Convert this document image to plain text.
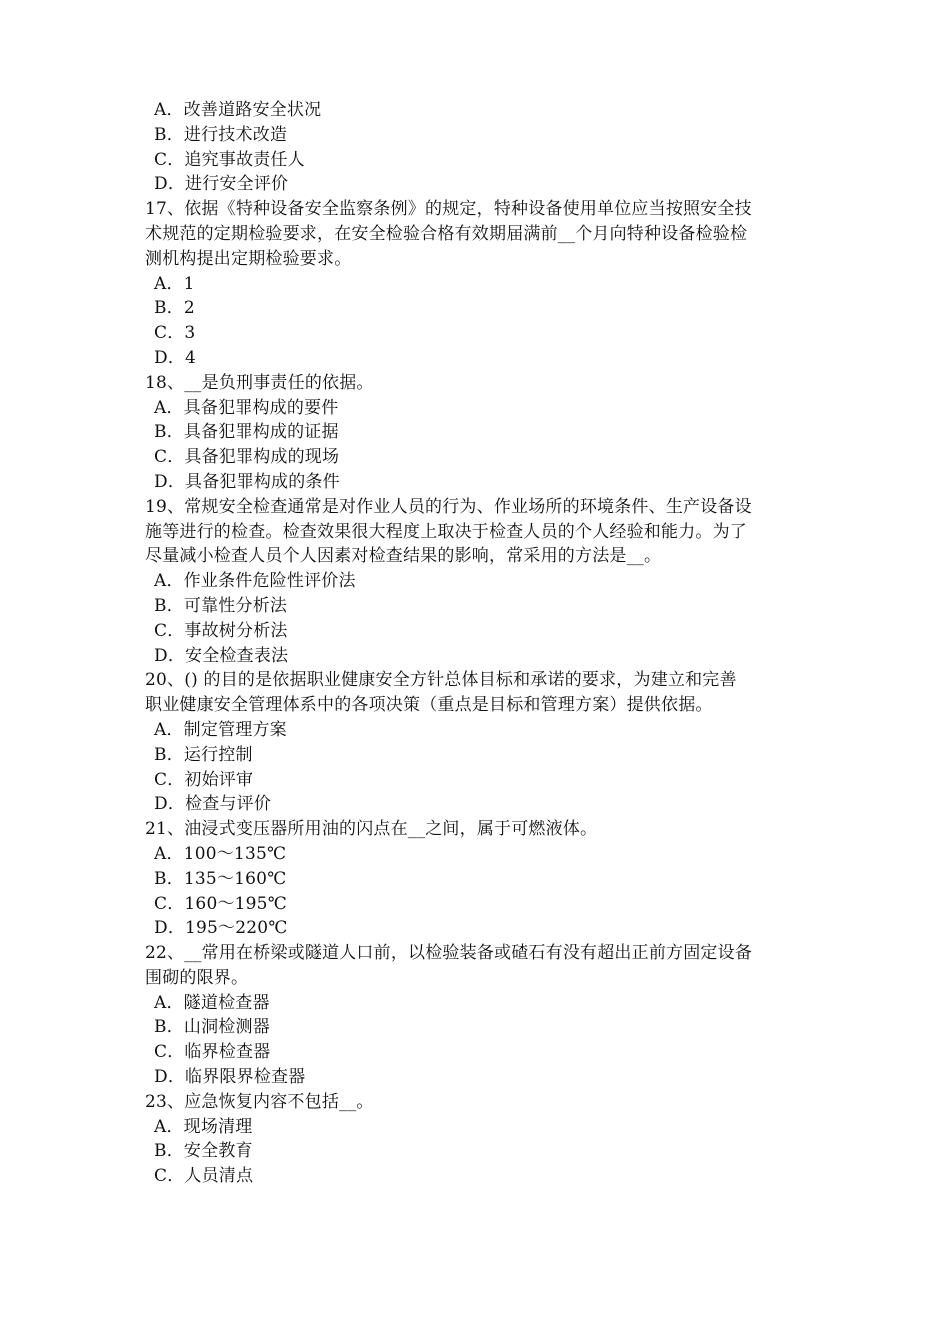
A．改善道路安全状况
B．进行技术改造
C．追究事故责任人
D．进行安全评价
17、依据《特种设备安全监察条例》的规定，特种设备使用单位应当按照安全技
术规范的定期检验要求，在安全检验合格有效期届满前__个月向特种设备检验检
测机构提出定期检验要求。
A．1
B．2
C．3
D．4
18、__是负刑事责任的依据。
A．具备犯罪构成的要件
B．具备犯罪构成的证据
C．具备犯罪构成的现场
D．具备犯罪构成的条件
19、常规安全检查通常是对作业人员的行为、作业场所的环境条件、生产设备设
施等进行的检查。检查效果很大程度上取决于检查人员的个人经验和能力。为了
尽量减小检查人员个人因素对检查结果的影响，常采用的方法是__。
A．作业条件危险性评价法
B．可靠性分析法
C．事故树分析法
D．安全检查表法
20、() 的目的是依据职业健康安全方针总体目标和承诺的要求，为建立和完善
职业健康安全管理体系中的各项决策（重点是目标和管理方案）提供依据。
A．制定管理方案
B．运行控制
C．初始评审
D．检查与评价
21、油浸式变压器所用油的闪点在__之间，属于可燃液体。
A．100～135℃
B．135～160℃
C．160～195℃
D．195～220℃
22、__常用在桥梁或隧道人口前，以检验装备或碴石有没有超出正前方固定设备
围砌的限界。
A．隧道检查器
B．山洞检测器
C．临界检查器
D．临界限界检查器
23、应急恢复内容不包括__。
A．现场清理
B．安全教育
C．人员清点
